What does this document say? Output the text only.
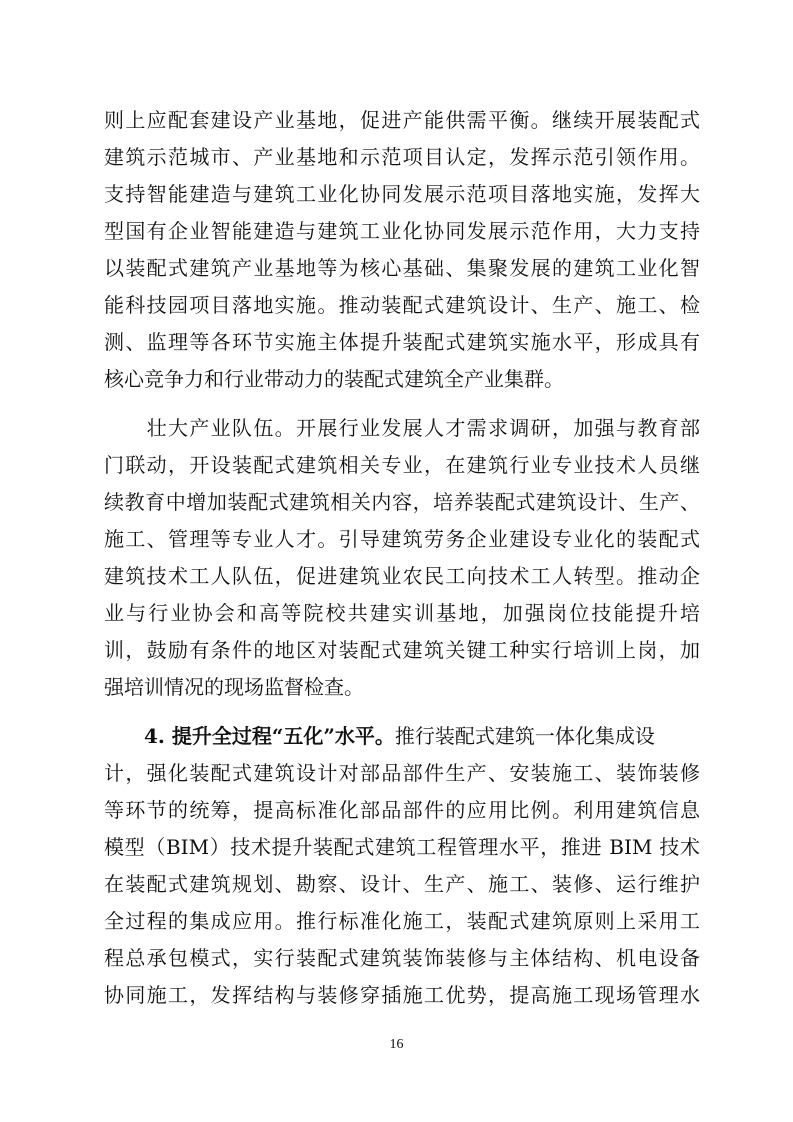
则上应配套建设产业基地，促进产能供需平衡。继续开展装配式
建筑示范城市、产业基地和示范项目认定，发挥示范引领作用。
支持智能建造与建筑工业化协同发展示范项目落地实施，发挥大
型国有企业智能建造与建筑工业化协同发展示范作用，大力支持
以装配式建筑产业基地等为核心基础、集聚发展的建筑工业化智
能科技园项目落地实施。推动装配式建筑设计、生产、施工、检
测、监理等各环节实施主体提升装配式建筑实施水平，形成具有
核心竞争力和行业带动力的装配式建筑全产业集群。
　　壮大产业队伍。开展行业发展人才需求调研，加强与教育部
门联动，开设装配式建筑相关专业，在建筑行业专业技术人员继
续教育中增加装配式建筑相关内容，培养装配式建筑设计、生产、
施工、管理等专业人才。引导建筑劳务企业建设专业化的装配式
建筑技术工人队伍，促进建筑业农民工向技术工人转型。推动企
业与行业协会和高等院校共建实训基地，加强岗位技能提升培
训，鼓励有条件的地区对装配式建筑关键工种实行培训上岗，加
强培训情况的现场监督检查。
　　4. 提升全过程“五化”水平。推行装配式建筑一体化集成设
计，强化装配式建筑设计对部品部件生产、安装施工、装饰装修
等环节的统筹，提高标准化部品部件的应用比例。利用建筑信息
模型（BIM）技术提升装配式建筑工程管理水平，推进 BIM 技术
在装配式建筑规划、勘察、设计、生产、施工、装修、运行维护
全过程的集成应用。推行标准化施工，装配式建筑原则上采用工
程总承包模式，实行装配式建筑装饰装修与主体结构、机电设备
协同施工，发挥结构与装修穿插施工优势，提高施工现场管理水
16
